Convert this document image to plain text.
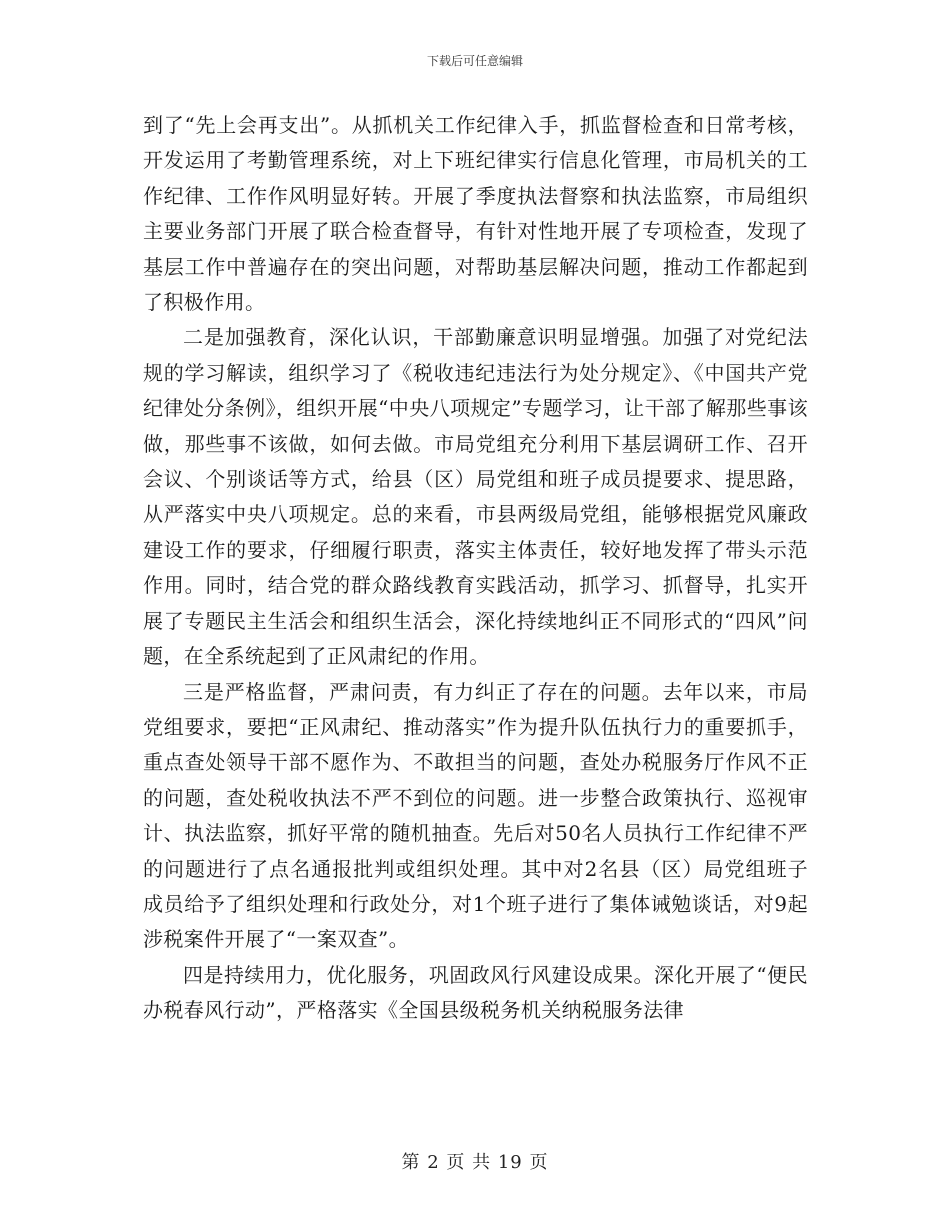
下载后可任意编辑

到了“先上会再支出”。从抓机关工作纪律入手，抓监督检查和日常考核，开发运用了考勤管理系统，对上下班纪律实行信息化管理，市局机关的工作纪律、工作作风明显好转。开展了季度执法督察和执法监察，市局组织主要业务部门开展了联合检查督导，有针对性地开展了专项检查，发现了基层工作中普遍存在的突出问题，对帮助基层解决问题，推动工作都起到了积极作用。

二是加强教育，深化认识，干部勤廉意识明显增强。加强了对党纪法规的学习解读，组织学习了《税收违纪违法行为处分规定》、《中国共产党纪律处分条例》，组织开展“中央八项规定”专题学习，让干部了解那些事该做，那些事不该做，如何去做。市局党组充分利用下基层调研工作、召开会议、个别谈话等方式，给县（区）局党组和班子成员提要求、提思路，从严落实中央八项规定。总的来看，市县两级局党组，能够根据党风廉政建设工作的要求，仔细履行职责，落实主体责任，较好地发挥了带头示范作用。同时，结合党的群众路线教育实践活动，抓学习、抓督导，扎实开展了专题民主生活会和组织生活会，深化持续地纠正不同形式的“四风”问题，在全系统起到了正风肃纪的作用。

三是严格监督，严肃问责，有力纠正了存在的问题。去年以来，市局党组要求，要把“正风肃纪、推动落实”作为提升队伍执行力的重要抓手，重点查处领导干部不愿作为、不敢担当的问题，查处办税服务厅作风不正的问题，查处税收执法不严不到位的问题。进一步整合政策执行、巡视审计、执法监察，抓好平常的随机抽查。先后对50名人员执行工作纪律不严的问题进行了点名通报批判或组织处理。其中对2名县（区）局党组班子成员给予了组织处理和行政处分，对1个班子进行了集体诫勉谈话，对9起涉税案件开展了“一案双查”。

四是持续用力，优化服务，巩固政风行风建设成果。深化开展了“便民办税春风行动”，严格落实《全国县级税务机关纳税服务法律

第 2 页 共 19 页
